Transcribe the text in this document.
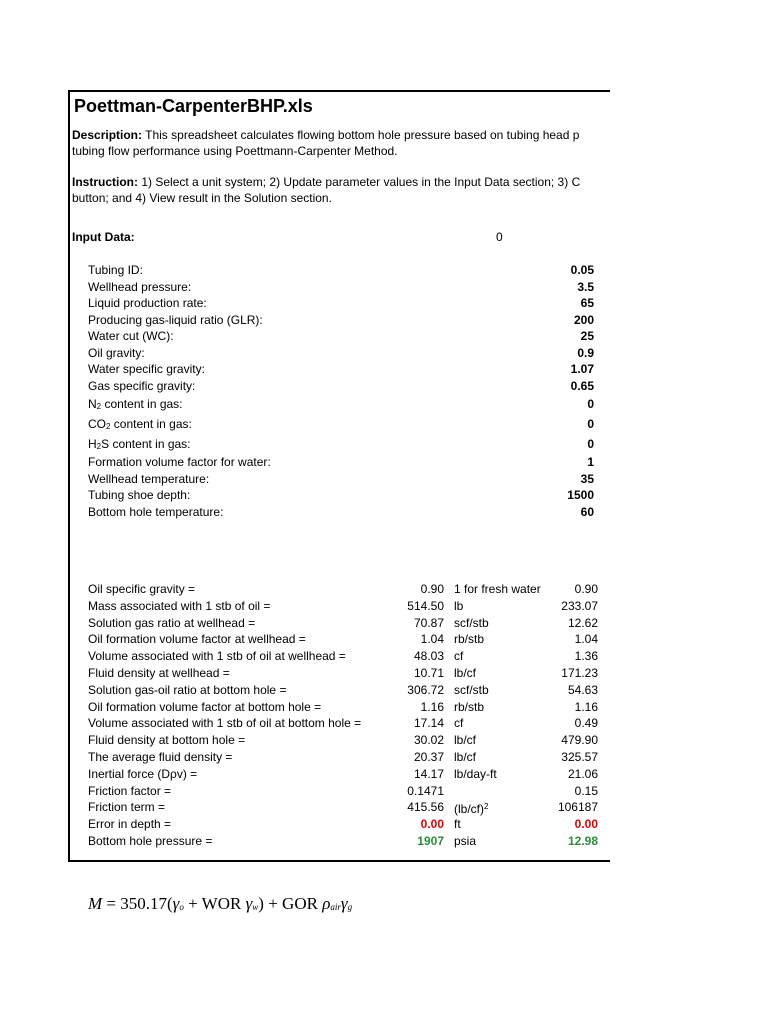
Poettman-CarpenterBHP.xls
Description: This spreadsheet calculates flowing bottom hole pressure based on tubing head p
tubing flow performance using Poettmann-Carpenter Method.
Instruction: 1) Select a unit system; 2) Update parameter values in the Input Data section; 3) C
button; and 4) View result in the Solution section.
Input Data:	0
Tubing ID:	0.05
Wellhead pressure:	3.5
Liquid production rate:	65
Producing gas-liquid ratio (GLR):	200
Water cut (WC):	25
Oil gravity:	0.9
Water specific gravity:	1.07
Gas specific gravity:	0.65
$N_2$ content in gas:	0
$CO_2$ content in gas:	0
$H_2S$ content in gas:	0
Formation volume factor for water:	1
Wellhead temperature:	35
Tubing shoe depth:	1500
Bottom hole temperature:	60
Oil specific gravity =	0.90 1 for fresh water	0.90
Mass associated with 1 stb of oil =	514.50 lb	233.07
Solution gas ratio at wellhead =	70.87 scf/stb	12.62
Oil formation volume factor at wellhead =	1.04 rb/stb	1.04
Volume associated with 1 stb of oil at wellhead =	48.03 cf	1.36
Fluid density at wellhead =	10.71 lb/cf	171.23
Solution gas-oil ratio at bottom hole =	306.72 scf/stb	54.63
Oil formation volume factor at bottom hole =	1.16 rb/stb	1.16
Volume associated with 1 stb of oil at bottom hole =	17.14 cf	0.49
Fluid density at bottom hole =	30.02 lb/cf	479.90
The average fluid density =	20.37 lb/cf	325.57
Inertial force (Dρv) =	14.17 lb/day-ft	21.06
Friction factor =	0.1471	0.15
Friction term =	415.56 $(lb/cf)^2$	106187
Error in depth =	0.00 ft	0.00
Bottom hole pressure =	1907 psia	12.98
$M = 350.17(\gamma_o$ + WOR $\gamma_w$) + GOR $\rho_{air}\gamma_g$
